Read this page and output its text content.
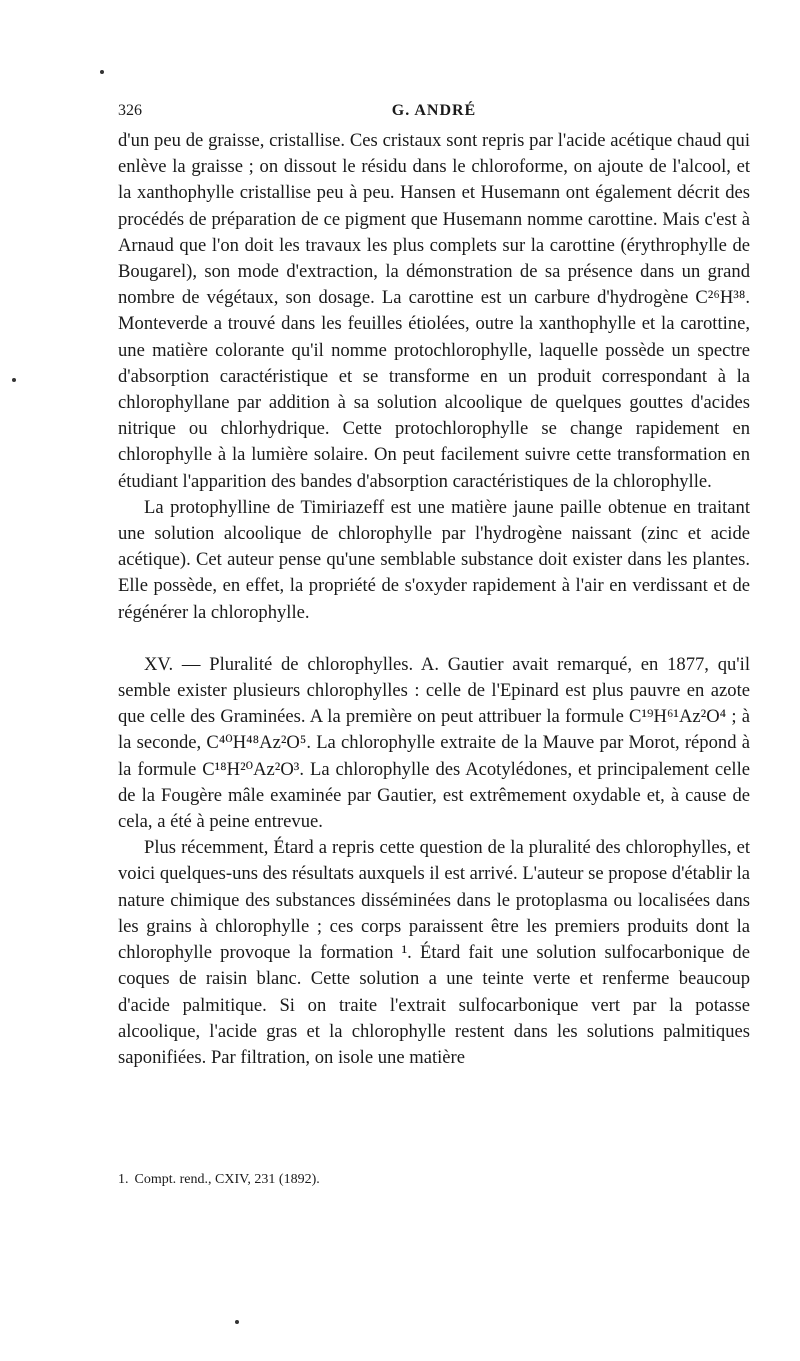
326	G. ANDRÉ

d'un peu de graisse, cristallise. Ces cristaux sont repris par l'acide acétique chaud qui enlève la graisse ; on dissout le résidu dans le chloroforme, on ajoute de l'alcool, et la xanthophylle cristallise peu à peu. Hansen et Husemann ont également décrit des procédés de préparation de ce pigment que Husemann nomme carottine. Mais c'est à Arnaud que l'on doit les travaux les plus complets sur la carottine (érythrophylle de Bougarel), son mode d'extraction, la démonstration de sa présence dans un grand nombre de végétaux, son dosage. La carottine est un carbure d'hydrogène C²⁶H³⁸. Monteverde a trouvé dans les feuilles étiolées, outre la xanthophylle et la carottine, une matière colorante qu'il nomme protochlorophylle, laquelle possède un spectre d'absorption caractéristique et se transforme en un produit correspondant à la chlorophyllane par addition à sa solution alcoolique de quelques gouttes d'acides nitrique ou chlorhydrique. Cette protochlorophylle se change rapidement en chlorophylle à la lumière solaire. On peut facilement suivre cette transformation en étudiant l'apparition des bandes d'absorption caractéristiques de la chlorophylle.

La protophylline de Timiriazeff est une matière jaune paille obtenue en traitant une solution alcoolique de chlorophylle par l'hydrogène naissant (zinc et acide acétique). Cet auteur pense qu'une semblable substance doit exister dans les plantes. Elle possède, en effet, la propriété de s'oxyder rapidement à l'air en verdissant et de régénérer la chlorophylle.

XV. — Pluralité de chlorophylles. A. Gautier avait remarqué, en 1877, qu'il semble exister plusieurs chlorophylles : celle de l'Epinard est plus pauvre en azote que celle des Graminées. A la première on peut attribuer la formule C¹⁹H⁶¹Az²O⁴ ; à la seconde, C⁴⁰H⁴⁸Az²O⁵. La chlorophylle extraite de la Mauve par Morot, répond à la formule C¹⁸H²⁰Az²O³. La chlorophylle des Acotylédones, et principalement celle de la Fougère mâle examinée par Gautier, est extrêmement oxydable et, à cause de cela, a été à peine entrevue.

Plus récemment, Étard a repris cette question de la pluralité des chlorophylles, et voici quelques-uns des résultats auxquels il est arrivé. L'auteur se propose d'établir la nature chimique des substances disséminées dans le protoplasma ou localisées dans les grains à chlorophylle ; ces corps paraissent être les premiers produits dont la chlorophylle provoque la formation ¹. Étard fait une solution sulfocarbonique de coques de raisin blanc. Cette solution a une teinte verte et renferme beaucoup d'acide palmitique. Si on traite l'extrait sulfocarbonique vert par la potasse alcoolique, l'acide gras et la chlorophylle restent dans les solutions palmitiques saponifiées. Par filtration, on isole une matière

1. Compt. rend., CXIV, 231 (1892).
